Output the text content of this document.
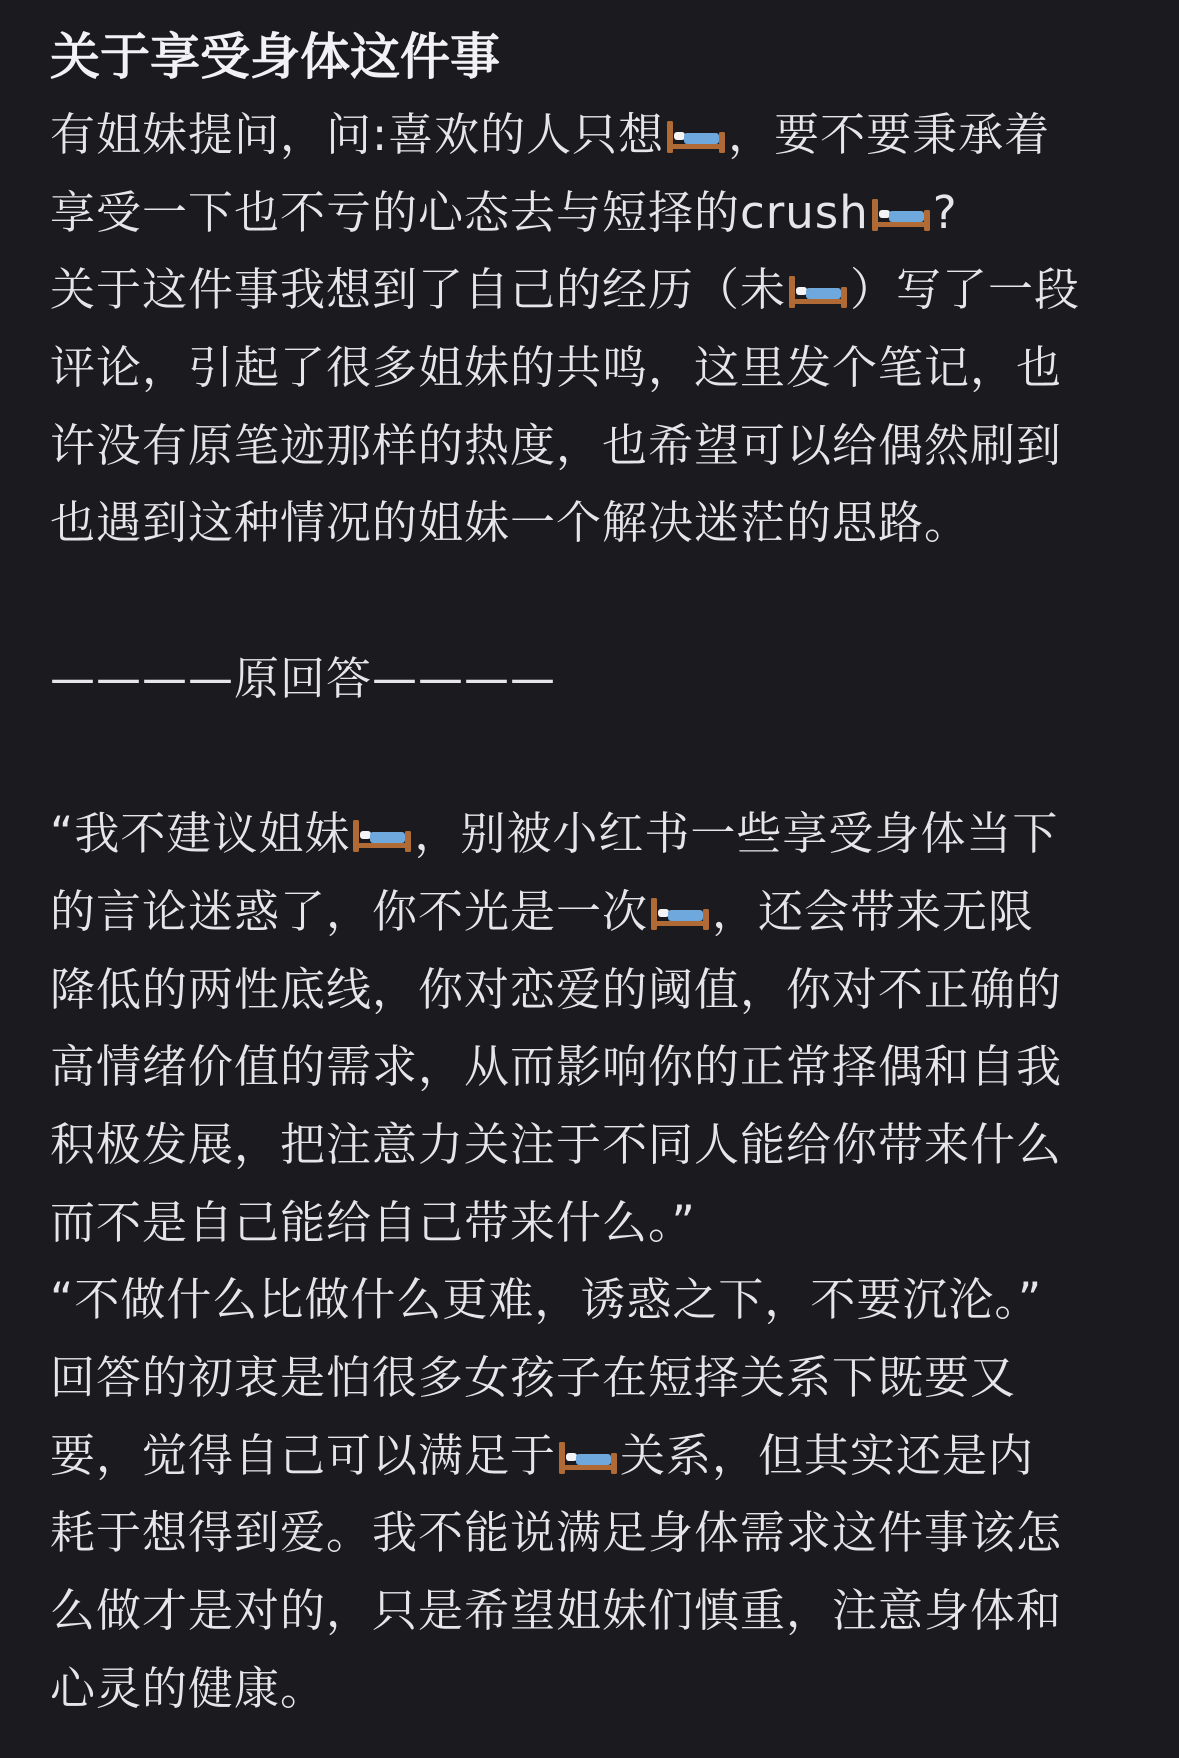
关于享受身体这件事
有姐妹提问，问:喜欢的人只想 ，要不要秉承着
享受一下也不亏的心态去与短择的crush ?
关于这件事我想到了自己的经历（未 ）写了一段
评论，引起了很多姐妹的共鸣，这里发个笔记，也
许没有原笔迹那样的热度，也希望可以给偶然刷到
也遇到这种情况的姐妹一个解决迷茫的思路。
————原回答————
“我不建议姐妹 ，别被小红书一些享受身体当下
的言论迷惑了，你不光是一次 ，还会带来无限
降低的两性底线，你对恋爱的阈值，你对不正确的
高情绪价值的需求，从而影响你的正常择偶和自我
积极发展，把注意力关注于不同人能给你带来什么
而不是自己能给自己带来什么。”
“不做什么比做什么更难，诱惑之下，不要沉沦。”
回答的初衷是怕很多女孩子在短择关系下既要又
要，觉得自己可以满足于 关系，但其实还是内
耗于想得到爱。我不能说满足身体需求这件事该怎
么做才是对的，只是希望姐妹们慎重，注意身体和
心灵的健康。
